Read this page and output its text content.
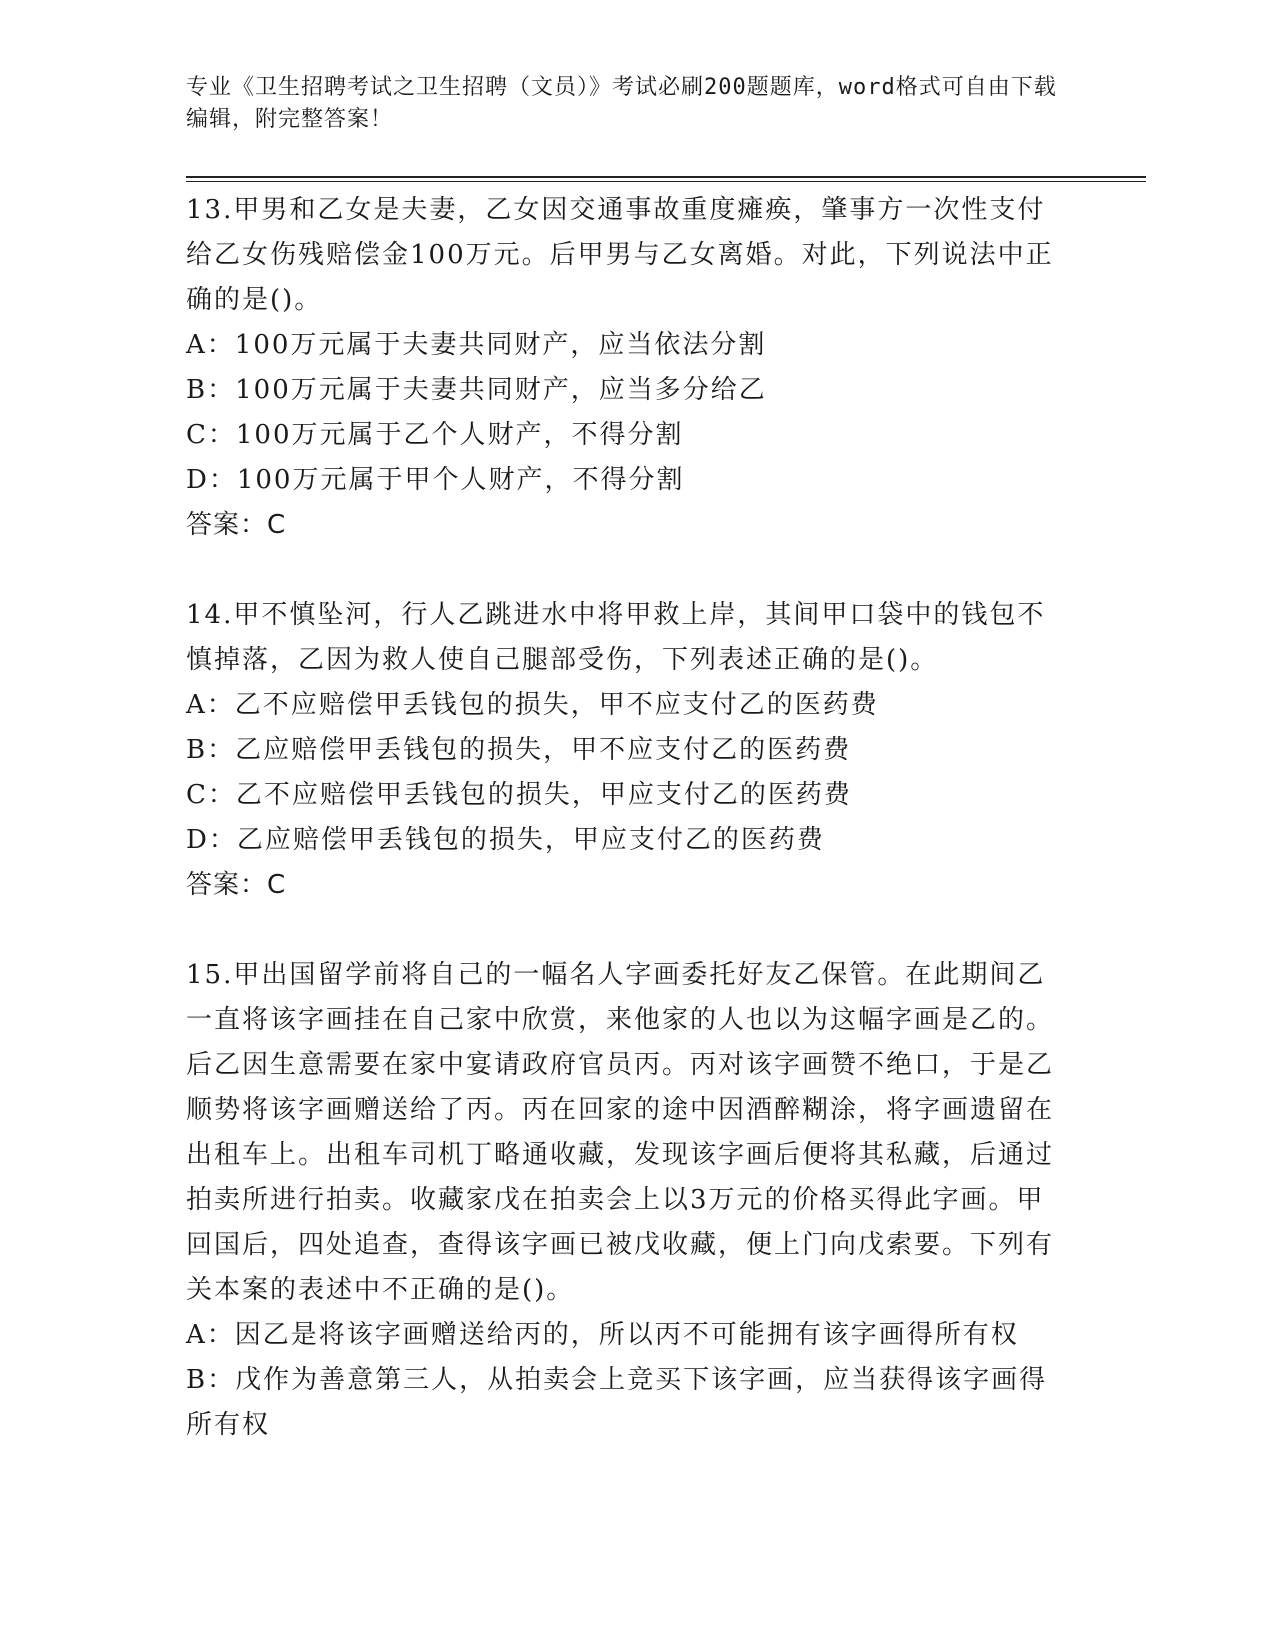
专业《卫生招聘考试之卫生招聘（文员）》考试必刷200题题库，word格式可自由下载编辑，附完整答案！

13.甲男和乙女是夫妻，乙女因交通事故重度瘫痪，肇事方一次性支付给乙女伤残赔偿金100万元。后甲男与乙女离婚。对此，下列说法中正确的是()。

A：100万元属于夫妻共同财产，应当依法分割

B：100万元属于夫妻共同财产，应当多分给乙

C：100万元属于乙个人财产，不得分割

D：100万元属于甲个人财产，不得分割

答案：C

14.甲不慎坠河，行人乙跳进水中将甲救上岸，其间甲口袋中的钱包不慎掉落，乙因为救人使自己腿部受伤，下列表述正确的是()。

A：乙不应赔偿甲丢钱包的损失，甲不应支付乙的医药费

B：乙应赔偿甲丢钱包的损失，甲不应支付乙的医药费

C：乙不应赔偿甲丢钱包的损失，甲应支付乙的医药费

D：乙应赔偿甲丢钱包的损失，甲应支付乙的医药费

答案：C

15.甲出国留学前将自己的一幅名人字画委托好友乙保管。在此期间乙一直将该字画挂在自己家中欣赏，来他家的人也以为这幅字画是乙的。后乙因生意需要在家中宴请政府官员丙。丙对该字画赞不绝口，于是乙顺势将该字画赠送给了丙。丙在回家的途中因酒醉糊涂，将字画遗留在出租车上。出租车司机丁略通收藏，发现该字画后便将其私藏，后通过拍卖所进行拍卖。收藏家戊在拍卖会上以3万元的价格买得此字画。甲回国后，四处追查，查得该字画已被戊收藏，便上门向戊索要。下列有关本案的表述中不正确的是()。

A：因乙是将该字画赠送给丙的，所以丙不可能拥有该字画得所有权

B：戊作为善意第三人，从拍卖会上竞买下该字画，应当获得该字画得所有权
